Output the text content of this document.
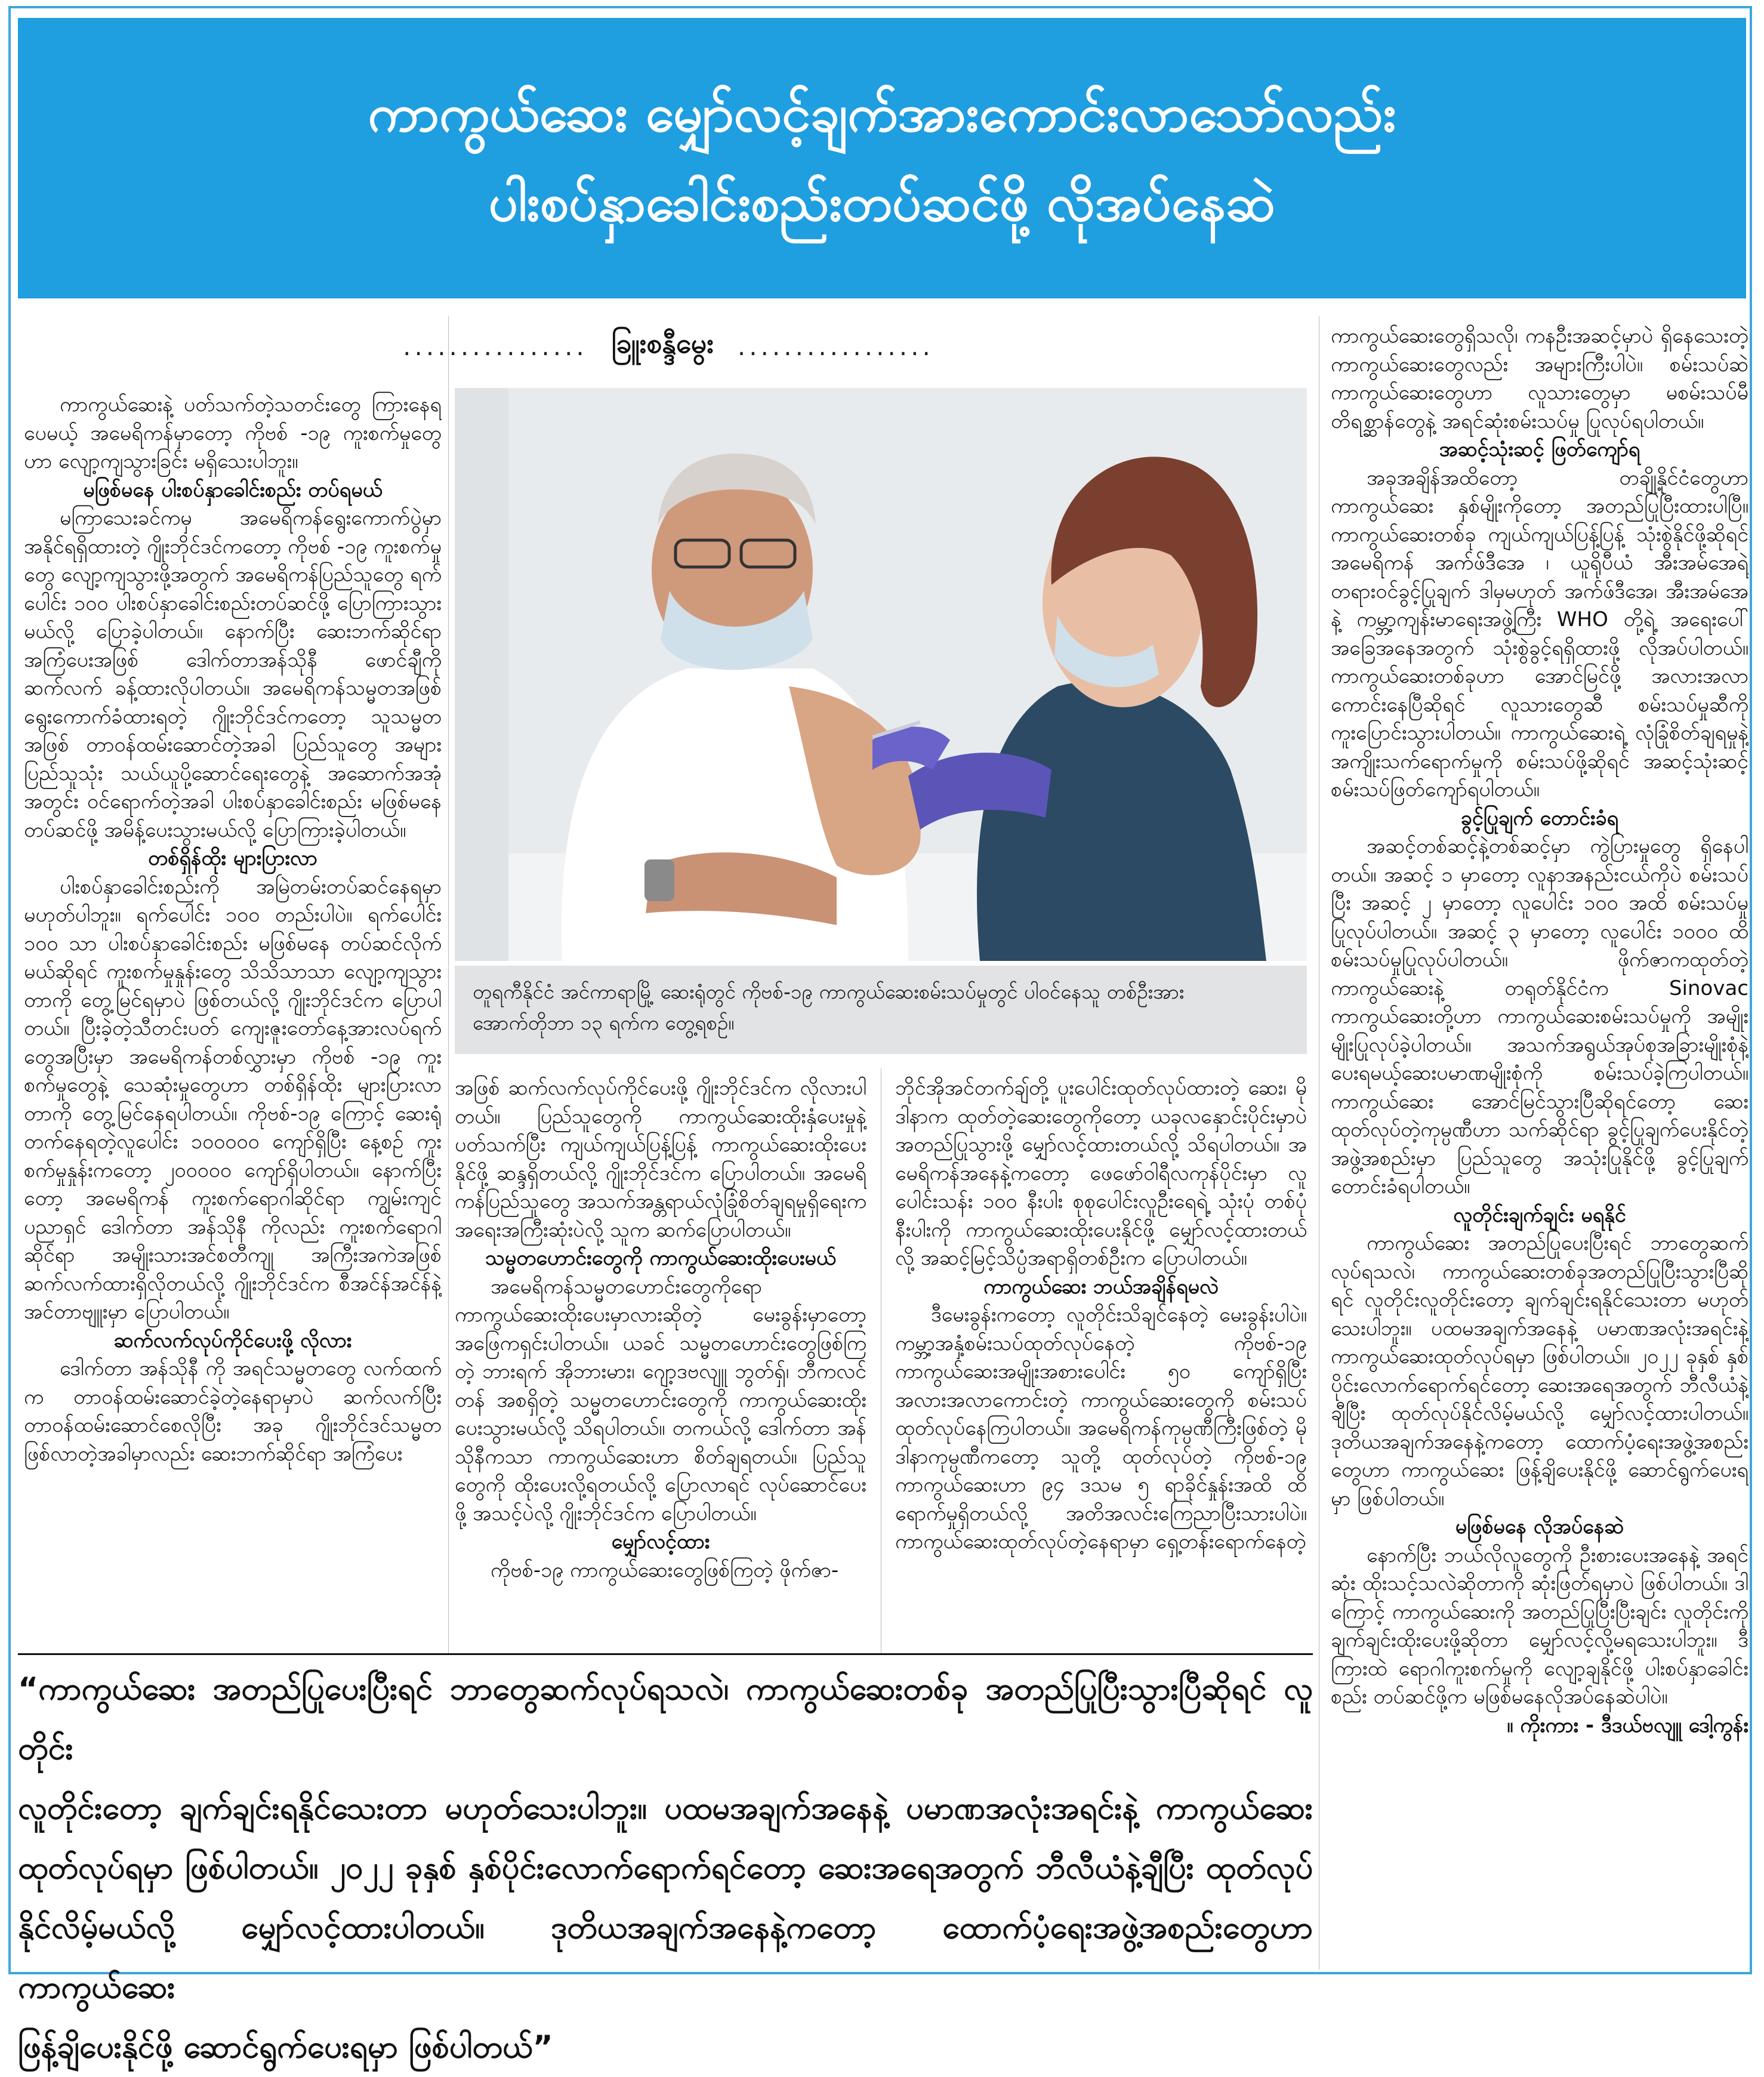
ကာကွယ်ဆေး မျှော်လင့်ချက်အားကောင်းလာသော်လည်း
ပါးစပ်နှာခေါင်းစည်းတပ်ဆင်ဖို့ လိုအပ်နေဆဲ
................ ခြူးစန္ဒီမွေး .................

ကာကွယ်ဆေးနဲ့ ပတ်သက်တဲ့သတင်းတွေ ကြားနေရပေမယ့် အမေရိကန်မှာတော့ ကိုဗစ် -၁၉ ကူးစက်မှုတွေဟာ လျော့ကျသွားခြင်း မရှိသေးပါဘူး။

မဖြစ်မနေ ပါးစပ်နှာခေါင်းစည်း တပ်ရမယ်

မကြာသေးခင်ကမှ အမေရိကန်ရွေးကောက်ပွဲမှာ အနိုင်ရရှိထားတဲ့ ဂျိုးဘိုင်ဒင်ကတော့ ကိုဗစ် -၁၉ ကူးစက်မှုတွေ လျော့ကျသွားဖို့အတွက် အမေရိကန်ပြည်သူတွေ ရက်ပေါင်း ၁၀၀ ပါးစပ်နှာခေါင်းစည်းတပ်ဆင်ဖို့ ပြောကြားသွားမယ်လို့ ပြောခဲ့ပါတယ်။ နောက်ပြီး ဆေးဘက်ဆိုင်ရာ အကြံပေးအဖြစ် ဒေါက်တာအန်သိုနီ ဖောင်ချီကို ဆက်လက် ခန့်ထားလိုပါတယ်။ အမေရိကန်သမ္မတအဖြစ် ရွေးကောက်ခံထားရတဲ့ ဂျိုးဘိုင်ဒင်ကတော့ သူသမ္မတအဖြစ် တာဝန်ထမ်းဆောင်တဲ့အခါ ပြည်သူတွေ အများပြည်သူသုံး သယ်ယူပို့ဆောင်ရေးတွေနဲ့ အဆောက်အအုံအတွင်း ဝင်ရောက်တဲ့အခါ ပါးစပ်နှာခေါင်းစည်း မဖြစ်မနေတပ်ဆင်ဖို့ အမိန့်ပေးသွားမယ်လို့ ပြောကြားခဲ့ပါတယ်။

တစ်ရှိန်ထိုး များပြားလာ

ပါးစပ်နှာခေါင်းစည်းကို အမြဲတမ်းတပ်ဆင်နေရမှာ မဟုတ်ပါဘူး။ ရက်ပေါင်း ၁၀၀ တည်းပါပဲ။ ရက်ပေါင်း ၁၀၀ သာ ပါးစပ်နှာခေါင်းစည်း မဖြစ်မနေ တပ်ဆင်လိုက်မယ်ဆိုရင် ကူးစက်မှုနှုန်းတွေ သိသိသာသာ လျော့ကျသွားတာကို တွေ့မြင်ရမှာပဲ ဖြစ်တယ်လို့ ဂျိုးဘိုင်ဒင်က ပြောပါတယ်။ ပြီးခဲ့တဲ့သီတင်းပတ် ကျေးဇူးတော်နေ့အားလပ်ရက်တွေအပြီးမှာ အမေရိကန်တစ်လွှားမှာ ကိုဗစ် -၁၉ ကူးစက်မှုတွေနဲ့ သေဆုံးမှုတွေဟာ တစ်ရှိန်ထိုး များပြားလာတာကို တွေ့မြင်နေရပါတယ်။ ကိုဗစ်-၁၉ ကြောင့် ဆေးရုံတက်နေရတဲ့လူပေါင်း ၁၀၀၀၀၀ ကျော်ရှိပြီး နေ့စဉ် ကူးစက်မှုနှုန်းကတော့ ၂၀၀၀၀၀ ကျော်ရှိပါတယ်။ နောက်ပြီးတော့ အမေရိကန် ကူးစက်ရောဂါဆိုင်ရာ ကျွမ်းကျင်ပညာရှင် ဒေါက်တာ အန်သိုနီ ကိုလည်း ကူးစက်ရောဂါဆိုင်ရာ အမျိုးသားအင်စတီကျု အကြီးအကဲအဖြစ် ဆက်လက်ထားရှိလိုတယ်လို့ ဂျိုးဘိုင်ဒင်က စီအင်န်အင်န်နဲ့ အင်တာဗျူးမှာ ပြောပါတယ်။

ဆက်လက်လုပ်ကိုင်ပေးဖို့ လိုလား

ဒေါက်တာ အန်သိုနီ ကို အရင်သမ္မတတွေ လက်ထက်က တာဝန်ထမ်းဆောင်ခဲ့တဲ့နေရာမှာပဲ ဆက်လက်ပြီး တာဝန်ထမ်းဆောင်စေလိုပြီး အခု ဂျိုးဘိုင်ဒင်သမ္မတဖြစ်လာတဲ့အခါမှာလည်း ဆေးဘက်ဆိုင်ရာ အကြံပေး

တူရကီနိုင်ငံ အင်ကာရာမြို့ ဆေးရုံတွင် ကိုဗစ်-၁၉ ကာကွယ်ဆေးစမ်းသပ်မှုတွင် ပါဝင်နေသူ တစ်ဦးအား အောက်တိုဘာ ၁၃ ရက်က တွေ့ရစဉ်။

အဖြစ် ဆက်လက်လုပ်ကိုင်ပေးဖို့ ဂျိုးဘိုင်ဒင်က လိုလားပါတယ်။ ပြည်သူတွေကို ကာကွယ်ဆေးထိုးနှံပေးမှုနဲ့ ပတ်သက်ပြီး ကျယ်ကျယ်ပြန့်ပြန့် ကာကွယ်ဆေးထိုးပေးနိုင်ဖို့ ဆန္ဒရှိတယ်လို့ ဂျိုးဘိုင်ဒင်က ပြောပါတယ်။ အမေရိကန်ပြည်သူတွေ အသက်အန္တရာယ်လုံခြုံစိတ်ချရမှုရှိရေးက အရေးအကြီးဆုံးပဲလို့ သူက ဆက်ပြောပါတယ်။

သမ္မတဟောင်းတွေကို ကာကွယ်ဆေးထိုးပေးမယ်

အမေရိကန်သမ္မတဟောင်းတွေကိုရော ကာကွယ်ဆေးထိုးပေးမှာလားဆိုတဲ့ မေးခွန်းမှာတော့ အဖြေကရှင်းပါတယ်။ ယခင် သမ္မတဟောင်းတွေဖြစ်ကြတဲ့ ဘားရက် အိုဘားမား၊ ဂျော့ဒဗလျူ ဘွတ်ရှ်၊ ဘီကလင်တန် အစရှိတဲ့ သမ္မတဟောင်းတွေကို ကာကွယ်ဆေးထိုးပေးသွားမယ်လို့ သိရပါတယ်။ တကယ်လို့ ဒေါက်တာ အန်သိုနီကသာ ကာကွယ်ဆေးဟာ စိတ်ချရတယ်။ ပြည်သူတွေကို ထိုးပေးလို့ရတယ်လို့ ပြောလာရင် လုပ်ဆောင်ပေးဖို့ အသင့်ပဲလို့ ဂျိုးဘိုင်ဒင်က ပြောပါတယ်။

မျှော်လင့်ထား

ကိုဗစ်-၁၉ ကာကွယ်ဆေးတွေဖြစ်ကြတဲ့ ဖိုက်ဇာ-

ဘိုင်အိုအင်တက်ချ်တို့ ပူးပေါင်းထုတ်လုပ်ထားတဲ့ ဆေး၊ မိုဒါနာက ထုတ်တဲ့ဆေးတွေကိုတော့ ယခုလနှောင်းပိုင်းမှာပဲ အတည်ပြုသွားဖို့ မျှော်လင့်ထားတယ်လို့ သိရပါတယ်။ အမေရိကန်အနေနဲ့ကတော့ ဖေဖော်ဝါရီလကုန်ပိုင်းမှာ လူပေါင်းသန်း ၁၀၀ နီးပါး စုစုပေါင်းလူဦးရေရဲ့ သုံးပုံ တစ်ပုံနီးပါးကို ကာကွယ်ဆေးထိုးပေးနိုင်ဖို့ မျှော်လင့်ထားတယ်လို့ အဆင့်မြင့်သိပ္ပံအရာရှိတစ်ဦးက ပြောပါတယ်။

ကာကွယ်ဆေး ဘယ်အချိန်ရမလဲ

ဒီမေးခွန်းကတော့ လူတိုင်းသိချင်နေတဲ့ မေးခွန်းပါပဲ။ ကမ္ဘာ့အနှံ့စမ်းသပ်ထုတ်လုပ်နေတဲ့ ကိုဗစ်-၁၉ ကာကွယ်ဆေးအမျိုးအစားပေါင်း ၅၀ ကျော်ရှိပြီး အလားအလာကောင်းတဲ့ ကာကွယ်ဆေးတွေကို စမ်းသပ်ထုတ်လုပ်နေကြပါတယ်။ အမေရိကန်ကုမ္ပဏီကြီးဖြစ်တဲ့ မိုဒါနာကုမ္ပဏီကတော့ သူတို့ ထုတ်လုပ်တဲ့ ကိုဗစ်-၁၉ ကာကွယ်ဆေးဟာ ၉၄ ဒသမ ၅ ရာခိုင်နှုန်းအထိ ထိရောက်မှုရှိတယ်လို့ အတိအလင်းကြေညာပြီးသားပါပဲ။ ကာကွယ်ဆေးထုတ်လုပ်တဲ့နေရာမှာ ရှေ့တန်းရောက်နေတဲ့

ကာကွယ်ဆေးတွေရှိသလို၊ ကနဦးအဆင့်မှာပဲ ရှိနေသေးတဲ့ ကာကွယ်ဆေးတွေလည်း အများကြီးပါပဲ။ စမ်းသပ်ဆဲ ကာကွယ်ဆေးတွေဟာ လူသားတွေမှာ မစမ်းသပ်မီ တိရစ္ဆာန်တွေနဲ့ အရင်ဆုံးစမ်းသပ်မှု ပြုလုပ်ရပါတယ်။

အဆင့်သုံးဆင့် ဖြတ်ကျော်ရ

အခုအချိန်အထိတော့ တချို့နိုင်ငံတွေဟာ ကာကွယ်ဆေး နှစ်မျိုးကိုတော့ အတည်ပြုပြီးထားပါပြီ။ ကာကွယ်ဆေးတစ်ခု ကျယ်ကျယ်ပြန့်ပြန့် သုံးစွဲနိုင်ဖို့ဆိုရင် အမေရိကန် အက်ဖ်ဒီအေ ၊ ယူရိုပီယံ အီးအမ်အေရဲ့တရားဝင်ခွင့်ပြုချက် ဒါမှမဟုတ် အက်ဖ်ဒီအေ၊ အီးအမ်အေနဲ့ ကမ္ဘာ့ကျန်းမာရေးအဖွဲ့ကြီး WHO တို့ရဲ့ အရေးပေါ်အခြေအနေအတွက် သုံးစွဲခွင့်ရရှိထားဖို့ လိုအပ်ပါတယ်။ ကာကွယ်ဆေးတစ်ခုဟာ အောင်မြင်ဖို့ အလားအလာကောင်းနေပြီဆိုရင် လူသားတွေဆီ စမ်းသပ်မှုဆီကို ကူးပြောင်းသွားပါတယ်။ ကာကွယ်ဆေးရဲ့ လုံခြုံစိတ်ချရမှုနဲ့ အကျိုးသက်ရောက်မှုကို စမ်းသပ်ဖို့ဆိုရင် အဆင့်သုံးဆင့် စမ်းသပ်ဖြတ်ကျော်ရပါတယ်။

ခွင့်ပြုချက် တောင်းခံရ

အဆင့်တစ်ဆင့်နဲ့တစ်ဆင့်မှာ ကွဲပြားမှုတွေ ရှိနေပါတယ်။ အဆင့် ၁ မှာတော့ လူနာအနည်းငယ်ကိုပဲ စမ်းသပ်ပြီး အဆင့် ၂ မှာတော့ လူပေါင်း ၁၀၀ အထိ စမ်းသပ်မှုပြုလုပ်ပါတယ်။ အဆင့် ၃ မှာတော့ လူပေါင်း ၁၀၀၀ ထိ စမ်းသပ်မှုပြုလုပ်ပါတယ်။ ဖိုက်ဇာကထုတ်တဲ့ ကာကွယ်ဆေးနဲ့ တရုတ်နိုင်ငံက Sinovac ကာကွယ်ဆေးတို့ဟာ ကာကွယ်ဆေးစမ်းသပ်မှုကို အမျိုးမျိုးပြုလုပ်ခဲ့ပါတယ်။ အသက်အရွယ်အုပ်စုအခြားမျိုးစုံနဲ့ ပေးရမယ့်ဆေးပမာဏမျိုးစုံကို စမ်းသပ်ခဲ့ကြပါတယ်။ ကာကွယ်ဆေး အောင်မြင်သွားပြီဆိုရင်တော့ ဆေးထုတ်လုပ်တဲ့ကုမ္ပဏီဟာ သက်ဆိုင်ရာ ခွင့်ပြုချက်ပေးနိုင်တဲ့ အဖွဲ့အစည်းမှာ ပြည်သူတွေ အသုံးပြုနိုင်ဖို့ ခွင့်ပြုချက်တောင်းခံရပါတယ်။

လူတိုင်းချက်ချင်း မရနိုင်

ကာကွယ်ဆေး အတည်ပြုပေးပြီးရင် ဘာတွေဆက်လုပ်ရသလဲ၊ ကာကွယ်ဆေးတစ်ခုအတည်ပြုပြီးသွားပြီဆိုရင် လူတိုင်းလူတိုင်းတော့ ချက်ချင်းရနိုင်သေးတာ မဟုတ်သေးပါဘူး။ ပထမအချက်အနေနဲ့ ပမာဏအလုံးအရင်းနဲ့ ကာကွယ်ဆေးထုတ်လုပ်ရမှာ ဖြစ်ပါတယ်။ ၂၀၂၂ ခုနှစ် နှစ်ပိုင်းလောက်ရောက်ရင်တော့ ဆေးအရေအတွက် ဘီလီယံနဲ့ချီပြီး ထုတ်လုပ်နိုင်လိမ့်မယ်လို့ မျှော်လင့်ထားပါတယ်။ ဒုတိယအချက်အနေနဲ့ကတော့ ထောက်ပံ့ရေးအဖွဲ့အစည်းတွေဟာ ကာကွယ်ဆေး ဖြန့်ချိပေးနိုင်ဖို့ ဆောင်ရွက်ပေးရမှာ ဖြစ်ပါတယ်။

မဖြစ်မနေ လိုအပ်နေဆဲ

နောက်ပြီး ဘယ်လိုလူတွေကို ဦးစားပေးအနေနဲ့ အရင်ဆုံး ထိုးသင့်သလဲဆိုတာကို ဆုံးဖြတ်ရမှာပဲ ဖြစ်ပါတယ်။ ဒါကြောင့် ကာကွယ်ဆေးကို အတည်ပြုပြီးပြီးချင်း လူတိုင်းကို ချက်ချင်းထိုးပေးဖို့ဆိုတာ မျှော်လင့်လို့မရသေးပါဘူး။ ဒီကြားထဲ ရောဂါကူးစက်မှုကို လျော့ချနိုင်ဖို့ ပါးစပ်နှာခေါင်းစည်း တပ်ဆင်ဖို့က မဖြစ်မနေလိုအပ်နေဆဲပါပဲ။

။ ကိုးကား - ဒီဒယ်ဗလျူ ဒေါ့ကွန်း

“ကာကွယ်ဆေး အတည်ပြုပေးပြီးရင် ဘာတွေဆက်လုပ်ရသလဲ၊ ကာကွယ်ဆေးတစ်ခု အတည်ပြုပြီးသွားပြီဆိုရင် လူတိုင်း

လူတိုင်းတော့ ချက်ချင်းရနိုင်သေးတာ မဟုတ်သေးပါဘူး။ ပထမအချက်အနေနဲ့ ပမာဏအလုံးအရင်းနဲ့ ကာကွယ်ဆေး

ထုတ်လုပ်ရမှာ ဖြစ်ပါတယ်။ ၂၀၂၂ ခုနှစ် နှစ်ပိုင်းလောက်ရောက်ရင်တော့ ဆေးအရေအတွက် ဘီလီယံနဲ့ချီပြီး ထုတ်လုပ်

နိုင်လိမ့်မယ်လို့ မျှော်လင့်ထားပါတယ်။ ဒုတိယအချက်အနေနဲ့ကတော့ ထောက်ပံ့ရေးအဖွဲ့အစည်းတွေဟာ ကာကွယ်ဆေး

ဖြန့်ချိပေးနိုင်ဖို့ ဆောင်ရွက်ပေးရမှာ ဖြစ်ပါတယ်”
